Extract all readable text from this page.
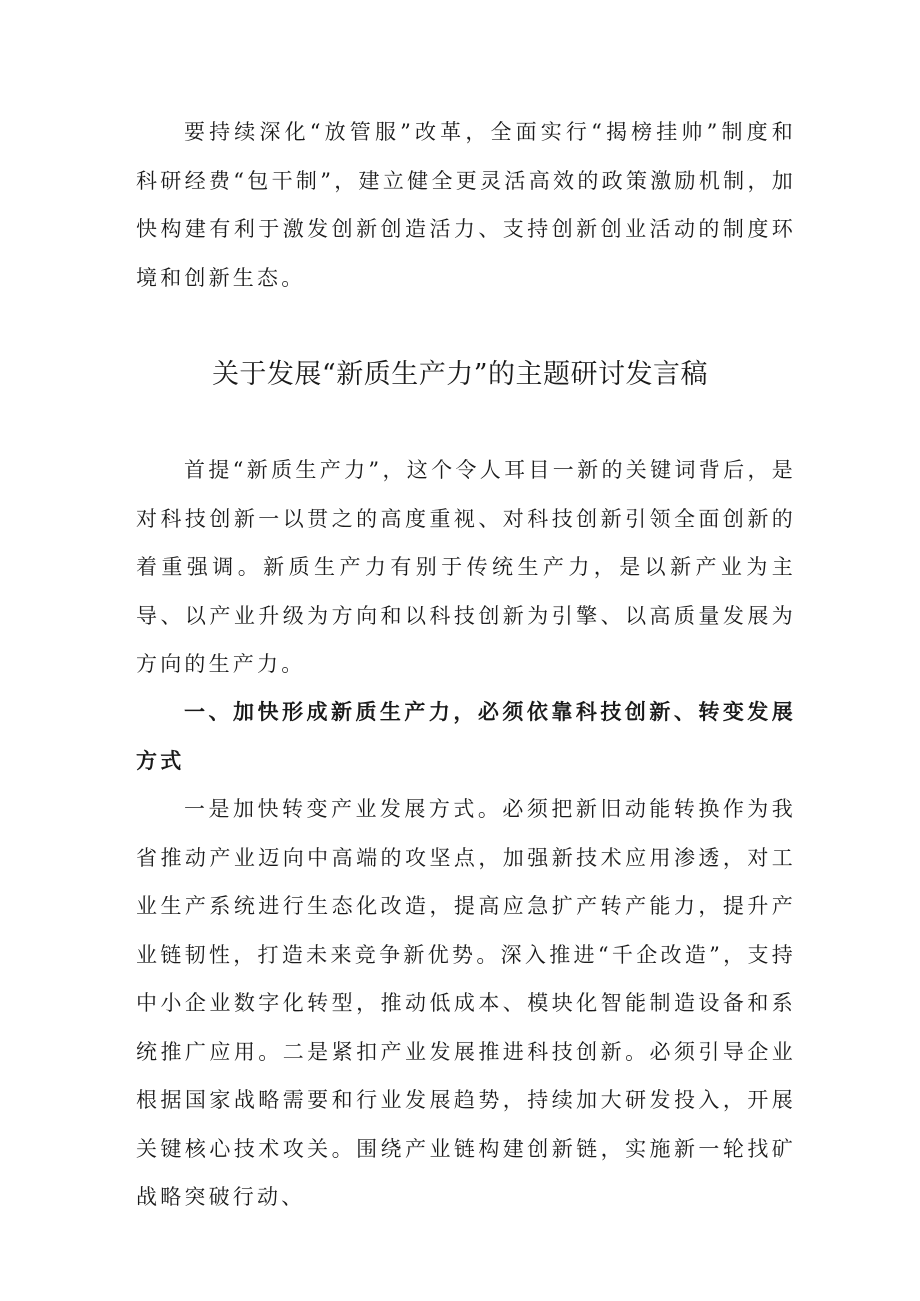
要持续深化“放管服”改革，全面实行“揭榜挂帅”制度和科研经费“包干制”，建立健全更灵活高效的政策激励机制，加快构建有利于激发创新创造活力、支持创新创业活动的制度环境和创新生态。

关于发展“新质生产力”的主题研讨发言稿

首提“新质生产力”，这个令人耳目一新的关键词背后，是对科技创新一以贯之的高度重视、对科技创新引领全面创新的着重强调。新质生产力有别于传统生产力，是以新产业为主导、以产业升级为方向和以科技创新为引擎、以高质量发展为方向的生产力。

一、加快形成新质生产力，必须依靠科技创新、转变发展方式

一是加快转变产业发展方式。必须把新旧动能转换作为我省推动产业迈向中高端的攻坚点，加强新技术应用渗透，对工业生产系统进行生态化改造，提高应急扩产转产能力，提升产业链韧性，打造未来竞争新优势。深入推进“千企改造”，支持中小企业数字化转型，推动低成本、模块化智能制造设备和系统推广应用。二是紧扣产业发展推进科技创新。必须引导企业根据国家战略需要和行业发展趋势，持续加大研发投入，开展关键核心技术攻关。围绕产业链构建创新链，实施新一轮找矿战略突破行动、
